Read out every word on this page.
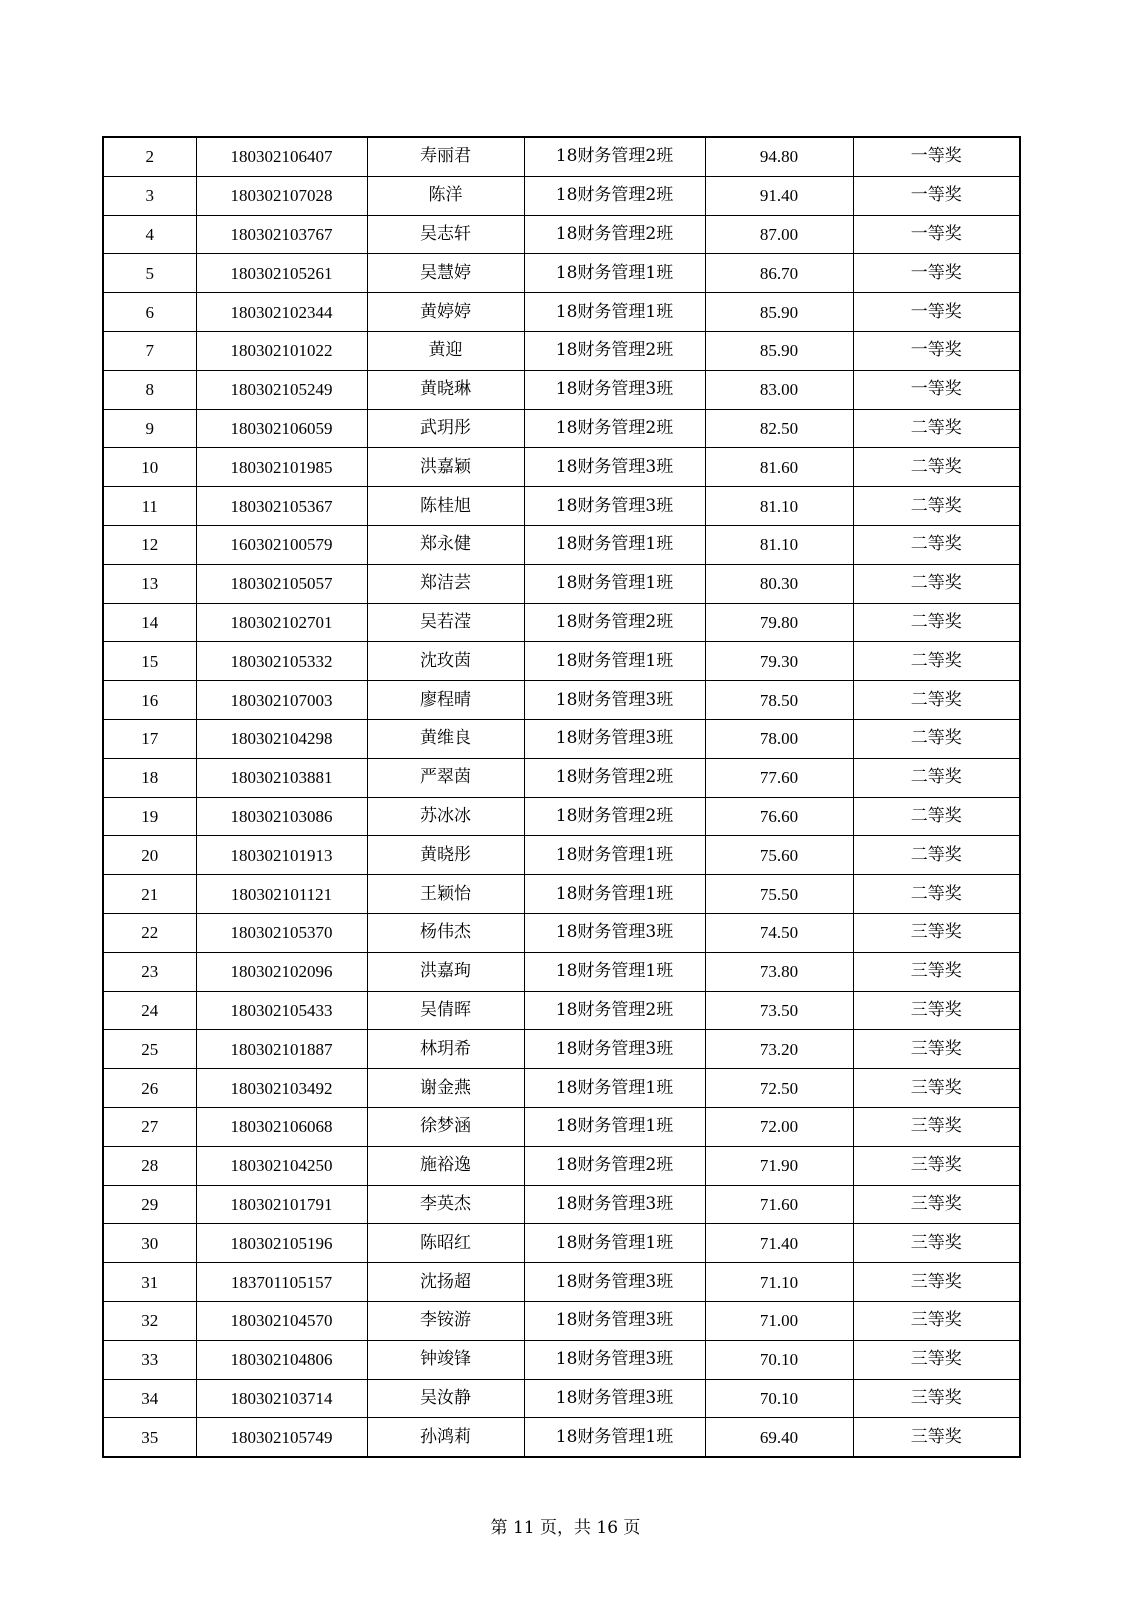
2	180302106407	寿丽君	18财务管理2班	94.80	一等奖
3	180302107028	陈洋	18财务管理2班	91.40	一等奖
4	180302103767	吴志轩	18财务管理2班	87.00	一等奖
5	180302105261	吴慧婷	18财务管理1班	86.70	一等奖
6	180302102344	黄婷婷	18财务管理1班	85.90	一等奖
7	180302101022	黄迎	18财务管理2班	85.90	一等奖
8	180302105249	黄晓琳	18财务管理3班	83.00	一等奖
9	180302106059	武玥彤	18财务管理2班	82.50	二等奖
10	180302101985	洪嘉颖	18财务管理3班	81.60	二等奖
11	180302105367	陈桂旭	18财务管理3班	81.10	二等奖
12	160302100579	郑永健	18财务管理1班	81.10	二等奖
13	180302105057	郑洁芸	18财务管理1班	80.30	二等奖
14	180302102701	吴若滢	18财务管理2班	79.80	二等奖
15	180302105332	沈玫茵	18财务管理1班	79.30	二等奖
16	180302107003	廖程晴	18财务管理3班	78.50	二等奖
17	180302104298	黄维良	18财务管理3班	78.00	二等奖
18	180302103881	严翠茵	18财务管理2班	77.60	二等奖
19	180302103086	苏冰冰	18财务管理2班	76.60	二等奖
20	180302101913	黄晓彤	18财务管理1班	75.60	二等奖
21	180302101121	王颖怡	18财务管理1班	75.50	二等奖
22	180302105370	杨伟杰	18财务管理3班	74.50	三等奖
23	180302102096	洪嘉珣	18财务管理1班	73.80	三等奖
24	180302105433	吴倩晖	18财务管理2班	73.50	三等奖
25	180302101887	林玥希	18财务管理3班	73.20	三等奖
26	180302103492	谢金燕	18财务管理1班	72.50	三等奖
27	180302106068	徐梦涵	18财务管理1班	72.00	三等奖
28	180302104250	施裕逸	18财务管理2班	71.90	三等奖
29	180302101791	李英杰	18财务管理3班	71.60	三等奖
30	180302105196	陈昭红	18财务管理1班	71.40	三等奖
31	183701105157	沈扬超	18财务管理3班	71.10	三等奖
32	180302104570	李铵游	18财务管理3班	71.00	三等奖
33	180302104806	钟竣锋	18财务管理3班	70.10	三等奖
34	180302103714	吴汝静	18财务管理3班	70.10	三等奖
35	180302105749	孙鸿莉	18财务管理1班	69.40	三等奖
第 11 页，共 16 页
